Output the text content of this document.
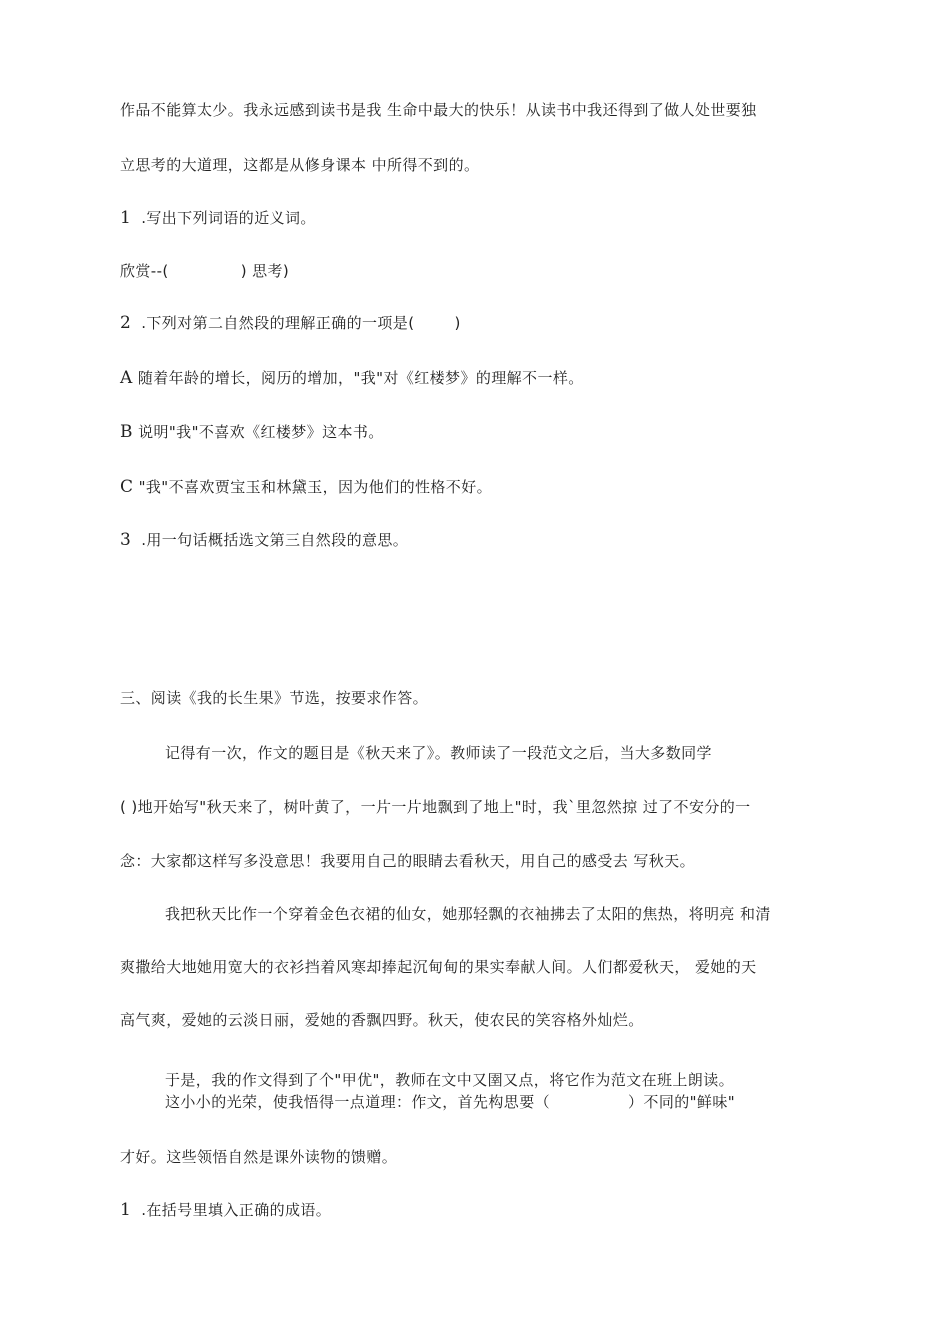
作品不能算太少。我永远感到读书是我 生命中最大的快乐！从读书中我还得到了做人处世要独
立思考的大道理，这都是从修身课本 中所得不到的。
1 .写出下列词语的近义词。
欣赏--(	) 思考)
2 .下列对第二自然段的理解正确的一项是(	)
A 随着年龄的增长，阅历的增加，"我"对《红楼梦》的理解不一样。
B 说明"我"不喜欢《红楼梦》这本书。
C "我"不喜欢贾宝玉和林黛玉，因为他们的性格不好。
3 .用一句话概括选文第三自然段的意思。
三、阅读《我的长生果》节选，按要求作答。
记得有一次，作文的题目是《秋天来了》。教师读了一段范文之后，当大多数同学
( )地开始写"秋天来了，树叶黄了，一片一片地飘到了地上"时，我`里忽然掠 过了不安分的一
念：大家都这样写多没意思！我要用自己的眼睛去看秋天，用自己的感受去 写秋天。
我把秋天比作一个穿着金色衣裙的仙女，她那轻飘的衣袖拂去了太阳的焦热，将明亮 和清
爽撒给大地她用宽大的衣衫挡着风寒却捧起沉甸甸的果实奉献人间。人们都爱秋天， 爱她的天
高气爽，爱她的云淡日丽，爱她的香飘四野。秋天，使农民的笑容格外灿烂。
于是，我的作文得到了个"甲优"，教师在文中又圉又点，将它作为范文在班上朗读。
这小小的光荣，使我悟得一点道理：作文，首先构思要（	）不同的"鲜味"
才好。这些领悟自然是课外读物的馈赠。
1 .在括号里填入正确的成语。
